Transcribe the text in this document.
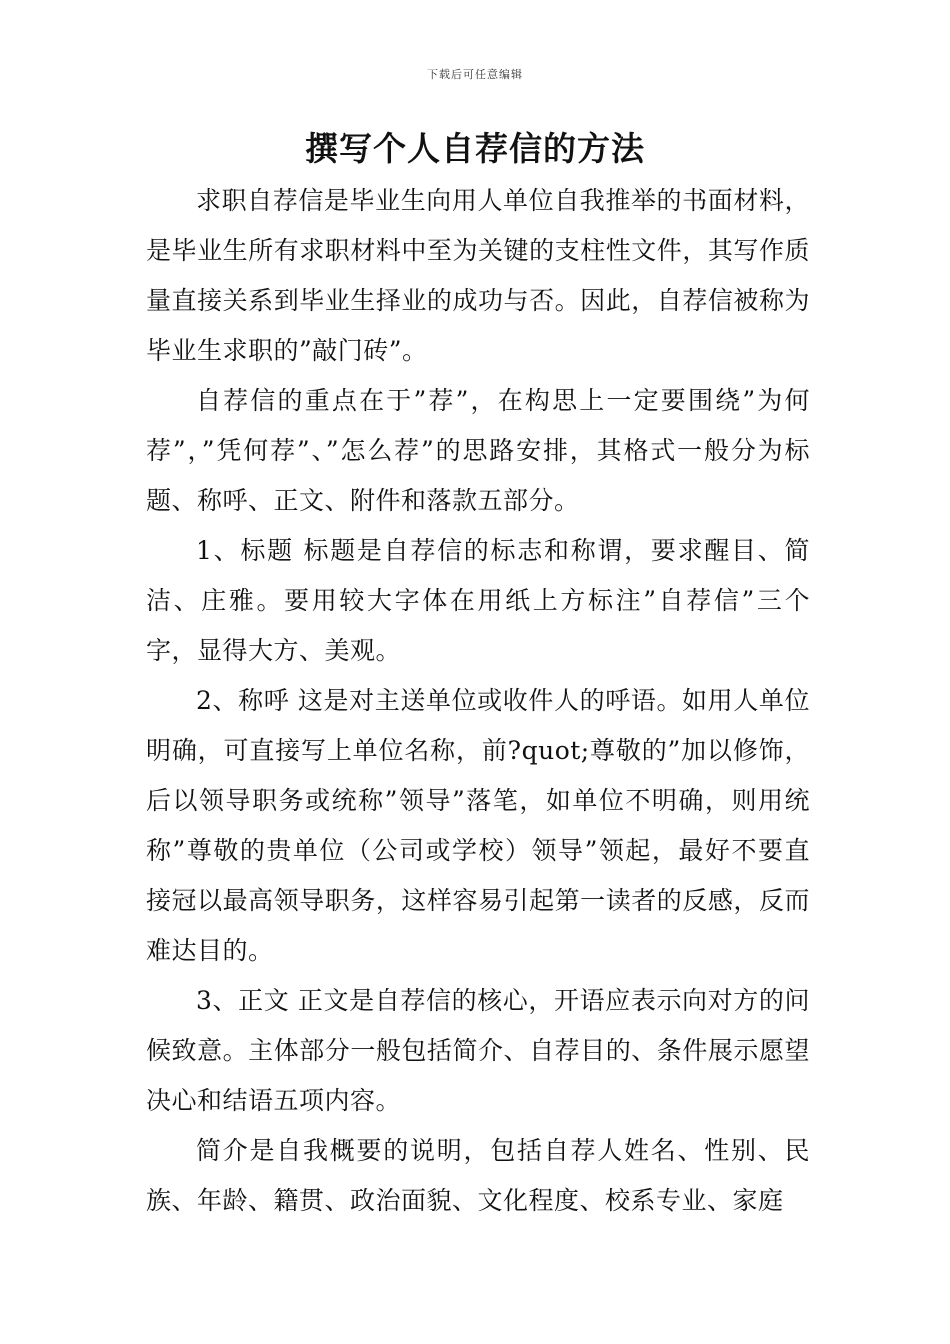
下载后可任意编辑
撰写个人自荐信的方法

求职自荐信是毕业生向用人单位自我推举的书面材料，是毕业生所有求职材料中至为关键的支柱性文件，其写作质量直接关系到毕业生择业的成功与否。因此，自荐信被称为毕业生求职的”敲门砖”。

自荐信的重点在于”荐”，在构思上一定要围绕”为何荐”，”凭何荐”、”怎么荐”的思路安排，其格式一般分为标题、称呼、正文、附件和落款五部分。

1、标题 标题是自荐信的标志和称谓，要求醒目、简洁、庄雅。要用较大字体在用纸上方标注”自荐信”三个字，显得大方、美观。

2、称呼 这是对主送单位或收件人的呼语。如用人单位明确，可直接写上单位名称，前?quot;尊敬的”加以修饰，后以领导职务或统称”领导”落笔，如单位不明确，则用统称”尊敬的贵单位（公司或学校）领导”领起，最好不要直接冠以最高领导职务，这样容易引起第一读者的反感，反而难达目的。

3、正文 正文是自荐信的核心，开语应表示向对方的问候致意。主体部分一般包括简介、自荐目的、条件展示愿望决心和结语五项内容。

简介是自我概要的说明，包括自荐人姓名、性别、民族、年龄、籍贯、政治面貌、文化程度、校系专业、家庭
